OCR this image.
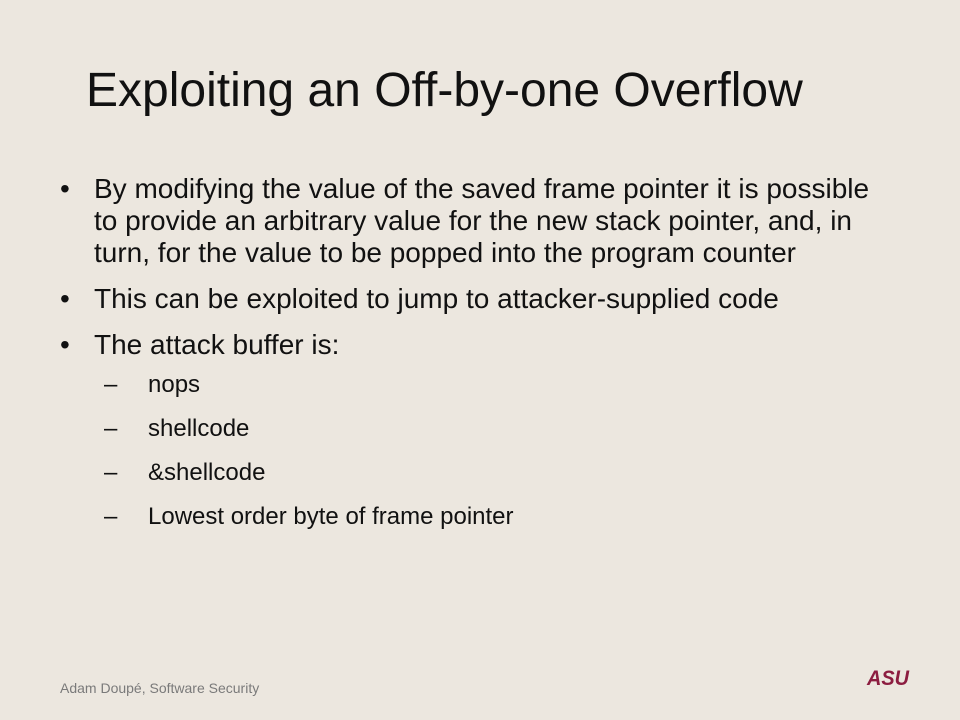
Exploiting an Off-by-one Overflow
• By modifying the value of the saved frame pointer it is possible to provide an arbitrary value for the new stack pointer, and, in turn, for the value to be popped into the program counter
• This can be exploited to jump to attacker-supplied code
• The attack buffer is:
– nops
– shellcode
– &shellcode
– Lowest order byte of frame pointer
Adam Doupé, Software Security	ASU
